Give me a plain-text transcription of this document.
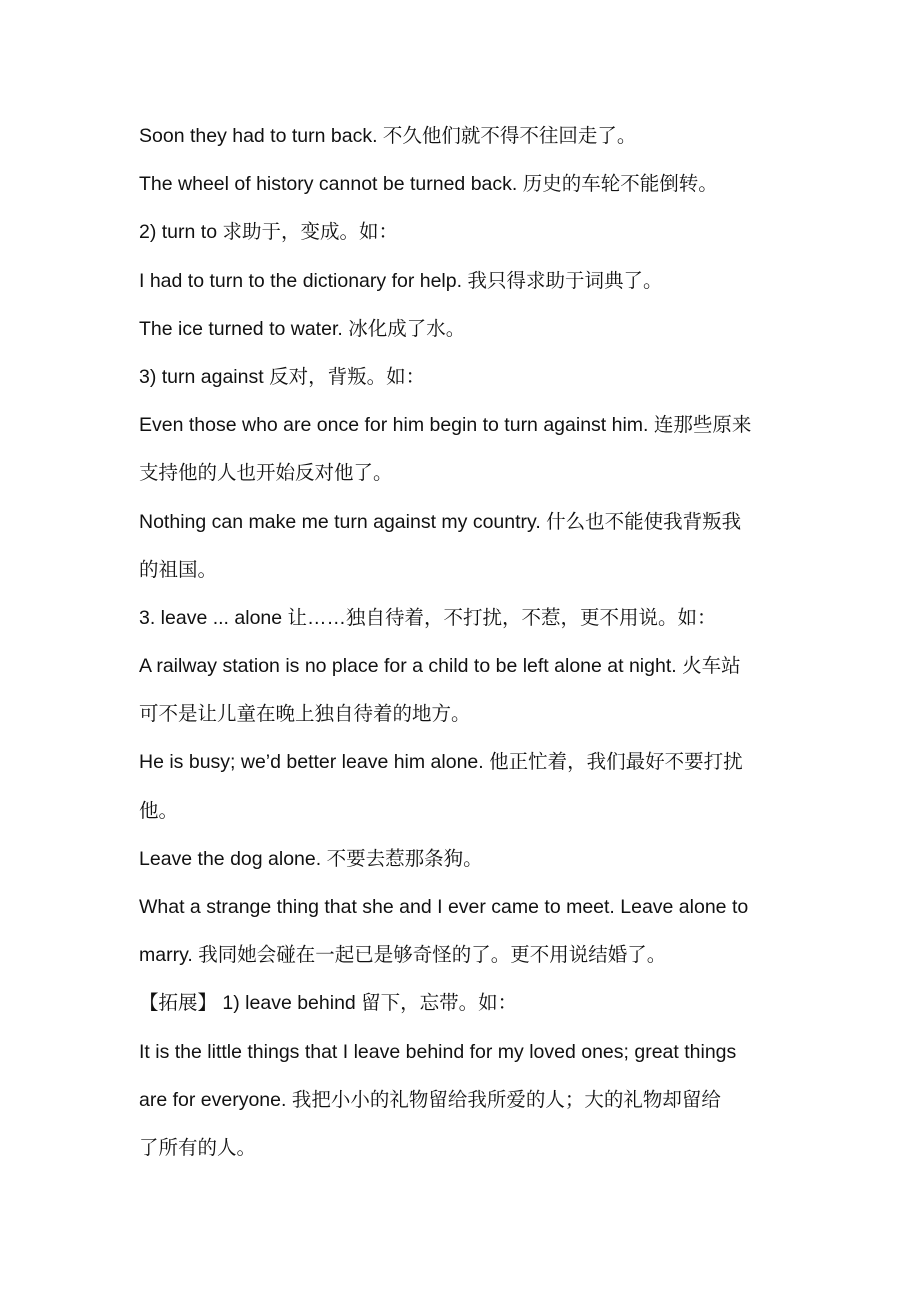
Soon they had to turn back. 不久他们就不得不往回走了。
The wheel of history cannot be turned back. 历史的车轮不能倒转。
2) turn to 求助于，变成。如：
I had to turn to the dictionary for help. 我只得求助于词典了。
The ice turned to water. 冰化成了水。
3) turn against 反对，背叛。如：
Even those who are once for him begin to turn against him. 连那些原来
支持他的人也开始反对他了。
Nothing can make me turn against my country. 什么也不能使我背叛我
的祖国。
3. leave ... alone 让……独自待着，不打扰，不惹，更不用说。如：
A railway station is no place for a child to be left alone at night. 火车站
可不是让儿童在晚上独自待着的地方。
He is busy; we’d better leave him alone. 他正忙着，我们最好不要打扰
他。
Leave the dog alone. 不要去惹那条狗。
What a strange thing that she and I ever came to meet. Leave alone to
marry. 我同她会碰在一起已是够奇怪的了。更不用说结婚了。
【拓展】 1) leave behind 留下，忘带。如：
It is the little things that I leave behind for my loved ones; great things
are for everyone. 我把小小的礼物留给我所爱的人；大的礼物却留给
了所有的人。
